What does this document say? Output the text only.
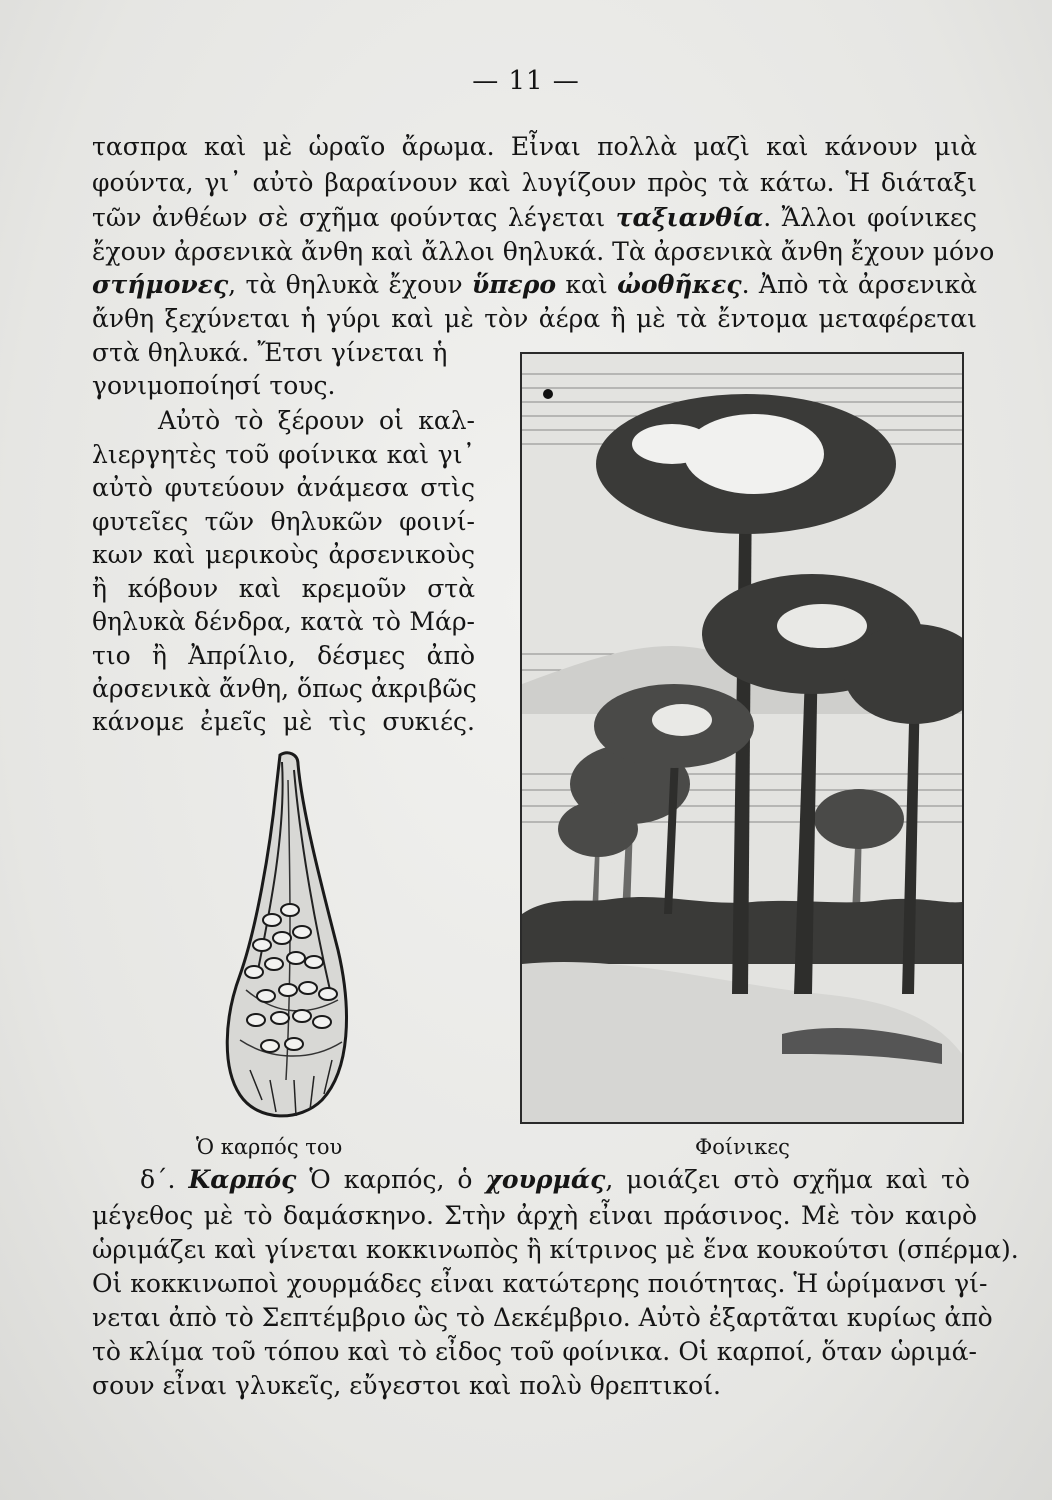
— 11 —
τασπρα καὶ μὲ ὡραῖο ἄρωμα. Εἶναι πολλὰ μαζὶ καὶ κάνουν μιὰ
φούντα, γι᾿ αὐτὸ βαραίνουν καὶ λυγίζουν πρὸς τὰ κάτω. Ἡ διάταξι
τῶν ἀνθέων σὲ σχῆμα φούντας λέγεται ταξιανθία. Ἄλλοι φοίνικες
ἔχουν ἀρσενικὰ ἄνθη καὶ ἄλλοι θηλυκά. Τὰ ἀρσενικὰ ἄνθη ἔχουν μόνο
στήμονες, τὰ θηλυκὰ ἔχουν ὕπερο καὶ ὠοθῆκες. Ἀπὸ τὰ ἀρσενικὰ
ἄνθη ξεχύνεται ἡ γύρι καὶ μὲ τὸν ἀέρα ἢ μὲ τὰ ἔντομα μεταφέρεται
στὰ θηλυκά. Ἔτσι γίνεται ἡ
γονιμοποίησί τους.
Αὐτὸ τὸ ξέρουν οἱ καλ-
λιεργητὲς τοῦ φοίνικα καὶ γι᾿
αὐτὸ φυτεύουν ἀνάμεσα στὶς
φυτεῖες τῶν θηλυκῶν φοινί-
κων καὶ μερικοὺς ἀρσενικοὺς
ἢ κόβουν καὶ κρεμοῦν στὰ
θηλυκὰ δένδρα, κατὰ τὸ Μάρ-
τιο ἢ Ἀπρίλιο, δέσμες ἀπὸ
ἀρσενικὰ ἄνθη, ὅπως ἀκριβῶς
κάνομε ἐμεῖς μὲ τὶς συκιές.
Ὁ καρπός του	Φοίνικες
δ΄. Καρπός Ὁ καρπός, ὁ χουρμάς, μοιάζει στὸ σχῆμα καὶ τὸ
μέγεθος μὲ τὸ δαμάσκηνο. Στὴν ἀρχὴ εἶναι πράσινος. Μὲ τὸν καιρὸ
ὡριμάζει καὶ γίνεται κοκκινωπὸς ἢ κίτρινος μὲ ἕνα κουκούτσι (σπέρμα).
Οἱ κοκκινωποὶ χουρμάδες εἶναι κατώτερης ποιότητας. Ἡ ὡρίμανσι γί-
νεται ἀπὸ τὸ Σεπτέμβριο ὣς τὸ Δεκέμβριο. Αὐτὸ ἐξαρτᾶται κυρίως ἀπὸ
τὸ κλίμα τοῦ τόπου καὶ τὸ εἶδος τοῦ φοίνικα. Οἱ καρποί, ὅταν ὡριμά-
σουν εἶναι γλυκεῖς, εὔγεστοι καὶ πολὺ θρεπτικοί.
